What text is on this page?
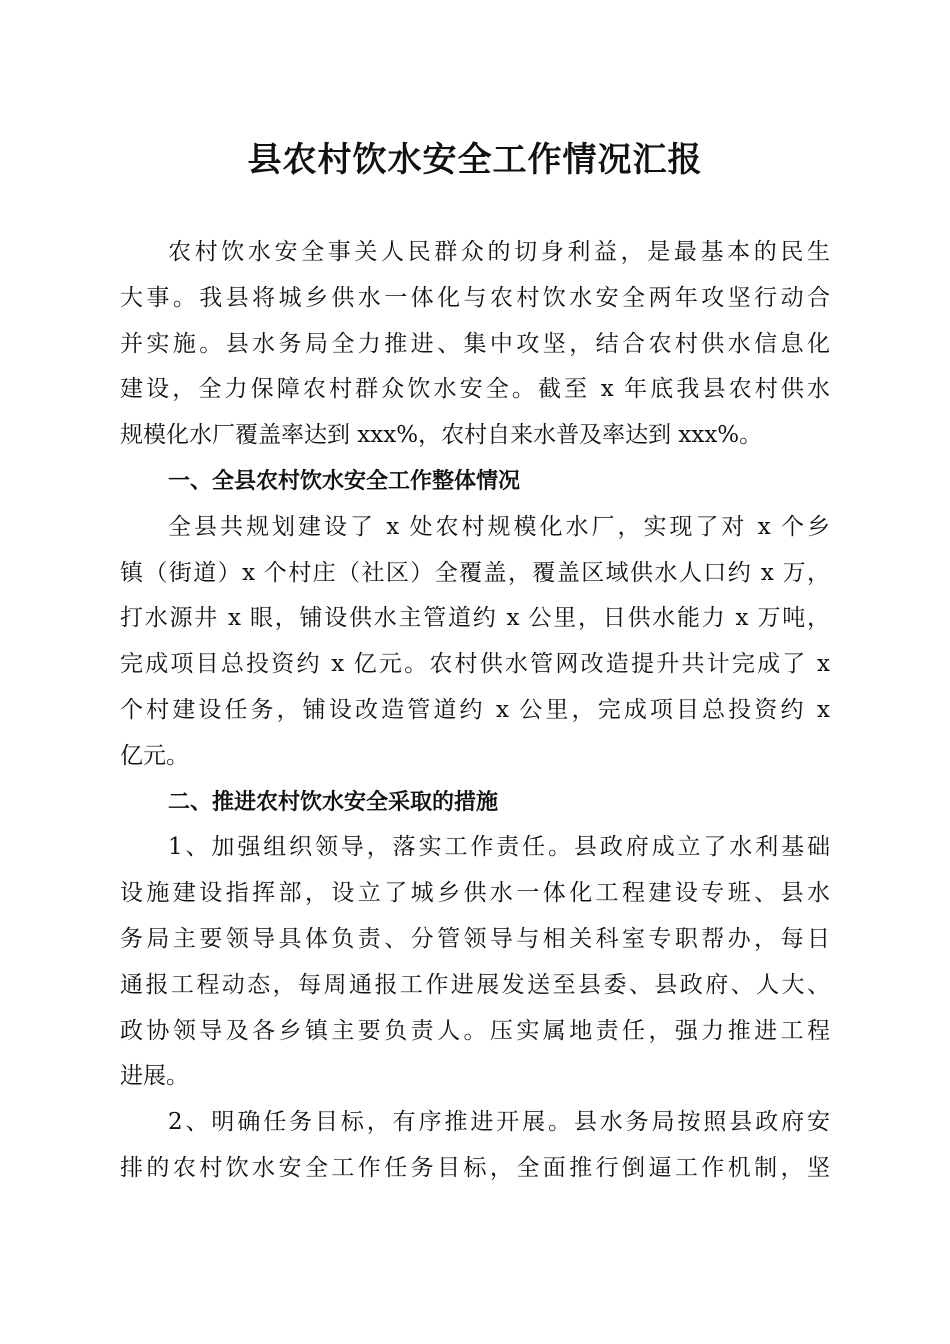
县农村饮水安全工作情况汇报
农村饮水安全事关人民群众的切身利益，是最基本的民生
大事。我县将城乡供水一体化与农村饮水安全两年攻坚行动合
并实施。县水务局全力推进、集中攻坚，结合农村供水信息化
建设，全力保障农村群众饮水安全。截至 x 年底我县农村供水
规模化水厂覆盖率达到 xxx%，农村自来水普及率达到 xxx%。
一、全县农村饮水安全工作整体情况
全县共规划建设了 x 处农村规模化水厂，实现了对 x 个乡
镇（街道）x 个村庄（社区）全覆盖，覆盖区域供水人口约 x 万，
打水源井 x 眼，铺设供水主管道约 x 公里，日供水能力 x 万吨，
完成项目总投资约 x 亿元。农村供水管网改造提升共计完成了 x
个村建设任务，铺设改造管道约 x 公里，完成项目总投资约 x
亿元。
二、推进农村饮水安全采取的措施
1、加强组织领导，落实工作责任。县政府成立了水利基础
设施建设指挥部，设立了城乡供水一体化工程建设专班、县水
务局主要领导具体负责、分管领导与相关科室专职帮办，每日
通报工程动态，每周通报工作进展发送至县委、县政府、人大、
政协领导及各乡镇主要负责人。压实属地责任，强力推进工程
进展。
2、明确任务目标，有序推进开展。县水务局按照县政府安
排的农村饮水安全工作任务目标，全面推行倒逼工作机制，坚
